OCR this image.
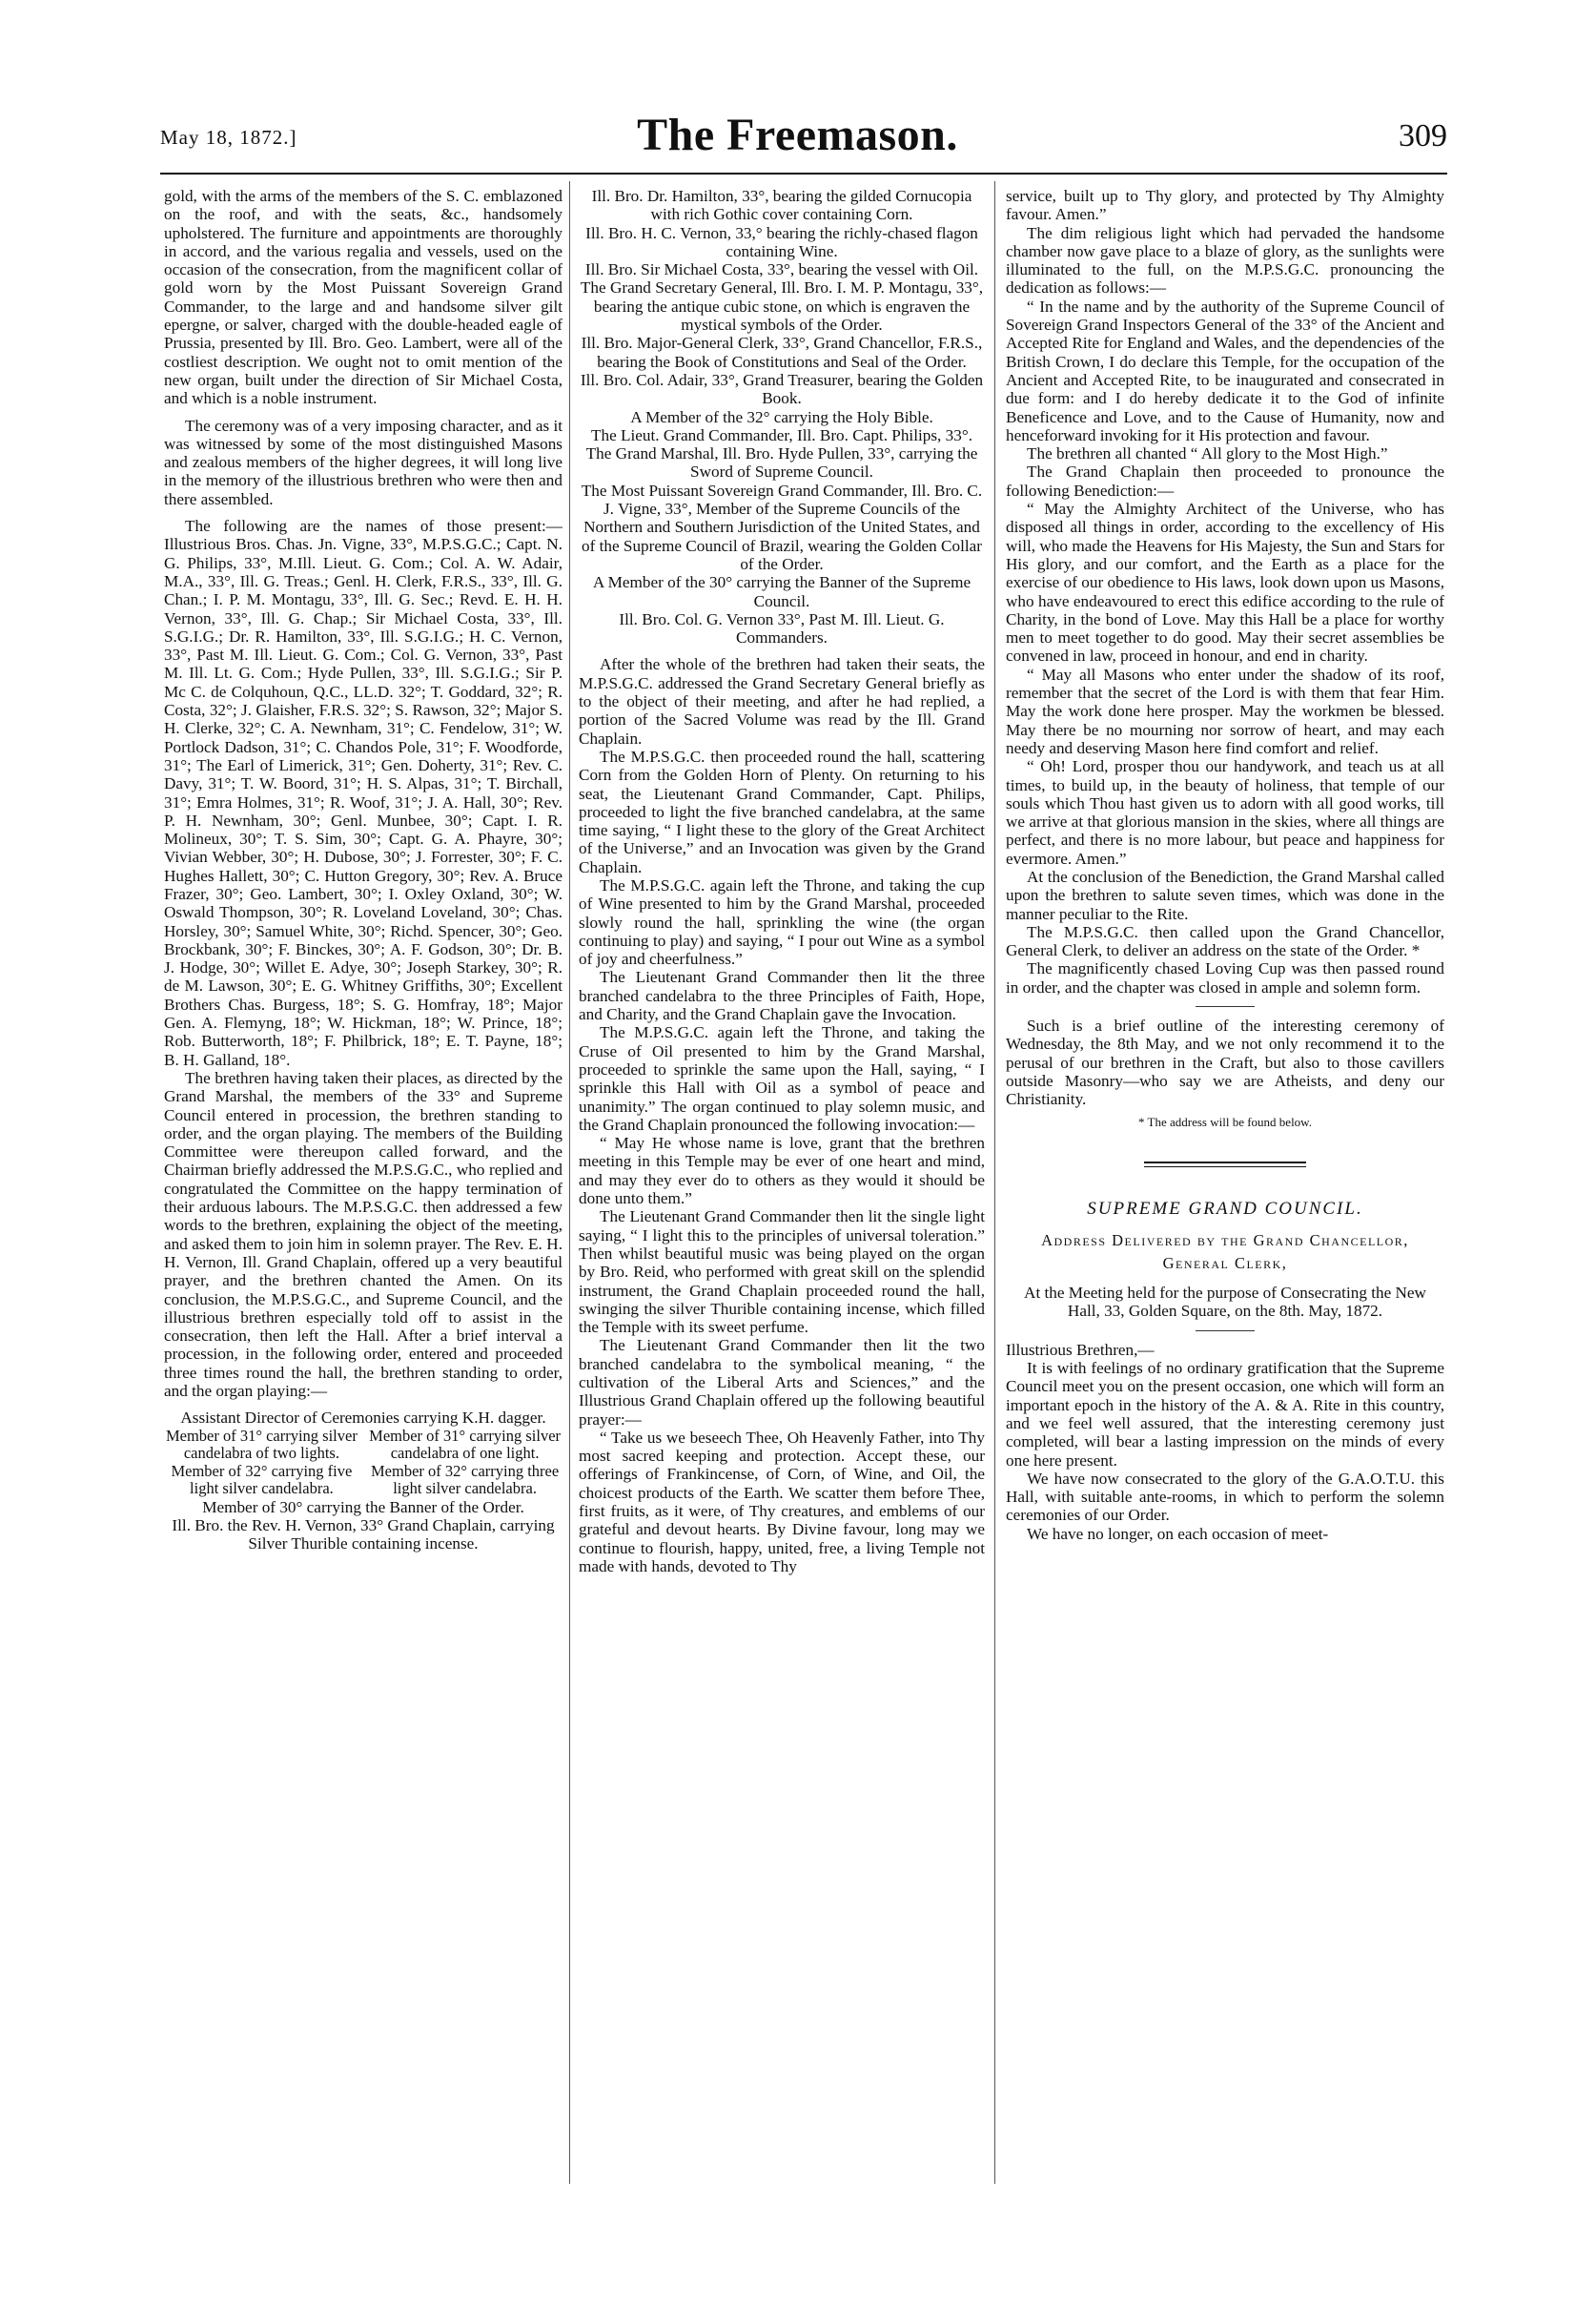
May 18, 1872.]	The Freemason.	309

gold, with the arms of the members of the S. C. emblazoned on the roof, and with the seats, &c., handsomely upholstered. The furniture and appointments are thoroughly in accord, and the various regalia and vessels, used on the occasion of the consecration, from the magnificent collar of gold worn by the Most Puissant Sovereign Grand Commander, to the large and and handsome silver gilt epergne, or salver, charged with the double-headed eagle of Prussia, presented by Ill. Bro. Geo. Lambert, were all of the costliest description. We ought not to omit mention of the new organ, built under the direction of Sir Michael Costa, and which is a noble instrument.

The ceremony was of a very imposing character, and as it was witnessed by some of the most distinguished Masons and zealous members of the higher degrees, it will long live in the memory of the illustrious brethren who were then and there assembled.

The following are the names of those present:— Illustrious Bros. Chas. Jn. Vigne, 33°, M.P.S.G.C.; Capt. N. G. Philips, 33°, M.Ill. Lieut. G. Com.; Col. A. W. Adair, M.A., 33°, Ill. G. Treas.; Genl. H. Clerk, F.R.S., 33°, Ill. G. Chan.; I. P. M. Montagu, 33°, Ill. G. Sec.; Revd. E. H. H. Vernon, 33°, Ill. G. Chap.; Sir Michael Costa, 33°, Ill. S.G.I.G.; Dr. R. Hamilton, 33°, Ill. S.G.I.G.; H. C. Vernon, 33°, Past M. Ill. Lieut. G. Com.; Col. G. Vernon, 33°, Past M. Ill. Lt. G. Com.; Hyde Pullen, 33°, Ill. S.G.I.G.; Sir P. Mc C. de Colquhoun, Q.C., LL.D. 32°; T. Goddard, 32°; R. Costa, 32°; J. Glaisher, F.R.S. 32°; S. Rawson, 32°; Major S. H. Clerke, 32°; C. A. Newnham, 31°; C. Fendelow, 31°; W. Portlock Dadson, 31°; C. Chandos Pole, 31°; F. Woodforde, 31°; The Earl of Limerick, 31°; Gen. Doherty, 31°; Rev. C. Davy, 31°; T. W. Boord, 31°; H. S. Alpas, 31°; T. Birchall, 31°; Emra Holmes, 31°; R. Woof, 31°; J. A. Hall, 30°; Rev. P. H. Newnham, 30°; Genl. Munbee, 30°; Capt. I. R. Molineux, 30°; T. S. Sim, 30°; Capt. G. A. Phayre, 30°; Vivian Webber, 30°; H. Dubose, 30°; J. Forrester, 30°; F. C. Hughes Hallett, 30°; C. Hutton Gregory, 30°; Rev. A. Bruce Frazer, 30°; Geo. Lambert, 30°; I. Oxley Oxland, 30°; W. Oswald Thompson, 30°; R. Loveland Loveland, 30°; Chas. Horsley, 30°; Samuel White, 30°; Richd. Spencer, 30°; Geo. Brockbank, 30°; F. Binckes, 30°; A. F. Godson, 30°; Dr. B. J. Hodge, 30°; Willet E. Adye, 30°; Joseph Starkey, 30°; R. de M. Lawson, 30°; E. G. Whitney Griffiths, 30°; Excellent Brothers Chas. Burgess, 18°; S. G. Homfray, 18°; Major Gen. A. Flemyng, 18°; W. Hickman, 18°; W. Prince, 18°; Rob. Butterworth, 18°; F. Philbrick, 18°; E. T. Payne, 18°; B. H. Galland, 18°.

The brethren having taken their places, as directed by the Grand Marshal, the members of the 33° and Supreme Council entered in procession, the brethren standing to order, and the organ playing. The members of the Building Committee were thereupon called forward, and the Chairman briefly addressed the M.P.S.G.C., who replied and congratulated the Committee on the happy termination of their arduous labours. The M.P.S.G.C. then addressed a few words to the brethren, explaining the object of the meeting, and asked them to join him in solemn prayer. The Rev. E. H. H. Vernon, Ill. Grand Chaplain, offered up a very beautiful prayer, and the brethren chanted the Amen. On its conclusion, the M.P.S.G.C., and Supreme Council, and the illustrious brethren especially told off to assist in the consecration, then left the Hall. After a brief interval a procession, in the following order, entered and proceeded three times round the hall, the brethren standing to order, and the organ playing:—

Assistant Director of Ceremonies carrying K.H. dagger.

Member of 31° carrying silver candelabra of two lights.
Member of 31° carrying silver candelabra of one light.
Member of 32° carrying five light silver candelabra.
Member of 32° carrying three light silver candelabra.

Member of 30° carrying the Banner of the Order.

Ill. Bro. the Rev. H. Vernon, 33° Grand Chaplain, carrying Silver Thurible containing incense.

Ill. Bro. Dr. Hamilton, 33°, bearing the gilded Cornucopia with rich Gothic cover containing Corn.

Ill. Bro. H. C. Vernon, 33,° bearing the richly-chased flagon containing Wine.

Ill. Bro. Sir Michael Costa, 33°, bearing the vessel with Oil.

The Grand Secretary General, Ill. Bro. I. M. P. Montagu, 33°, bearing the antique cubic stone, on which is engraven the mystical symbols of the Order.

Ill. Bro. Major-General Clerk, 33°, Grand Chancellor, F.R.S., bearing the Book of Constitutions and Seal of the Order.

Ill. Bro. Col. Adair, 33°, Grand Treasurer, bearing the Golden Book.

A Member of the 32° carrying the Holy Bible.

The Lieut. Grand Commander, Ill. Bro. Capt. Philips, 33°.

The Grand Marshal, Ill. Bro. Hyde Pullen, 33°, carrying the Sword of Supreme Council.

The Most Puissant Sovereign Grand Commander, Ill. Bro. C. J. Vigne, 33°, Member of the Supreme Councils of the Northern and Southern Jurisdiction of the United States, and of the Supreme Council of Brazil, wearing the Golden Collar of the Order.

A Member of the 30° carrying the Banner of the Supreme Council.

Ill. Bro. Col. G. Vernon 33°, Past M. Ill. Lieut. G. Commanders.

After the whole of the brethren had taken their seats, the M.P.S.G.C. addressed the Grand Secretary General briefly as to the object of their meeting, and after he had replied, a portion of the Sacred Volume was read by the Ill. Grand Chaplain.

The M.P.S.G.C. then proceeded round the hall, scattering Corn from the Golden Horn of Plenty. On returning to his seat, the Lieutenant Grand Commander, Capt. Philips, proceeded to light the five branched candelabra, at the same time saying, “ I light these to the glory of the Great Architect of the Universe,” and an Invocation was given by the Grand Chaplain.

The M.P.S.G.C. again left the Throne, and taking the cup of Wine presented to him by the Grand Marshal, proceeded slowly round the hall, sprinkling the wine (the organ continuing to play) and saying, “ I pour out Wine as a symbol of joy and cheerfulness.”

The Lieutenant Grand Commander then lit the three branched candelabra to the three Principles of Faith, Hope, and Charity, and the Grand Chaplain gave the Invocation.

The M.P.S.G.C. again left the Throne, and taking the Cruse of Oil presented to him by the Grand Marshal, proceeded to sprinkle the same upon the Hall, saying, “ I sprinkle this Hall with Oil as a symbol of peace and unanimity.” The organ continued to play solemn music, and the Grand Chaplain pronounced the following invocation:—

“ May He whose name is love, grant that the brethren meeting in this Temple may be ever of one heart and mind, and may they ever do to others as they would it should be done unto them.”

The Lieutenant Grand Commander then lit the single light saying, “ I light this to the principles of universal toleration.” Then whilst beautiful music was being played on the organ by Bro. Reid, who performed with great skill on the splendid instrument, the Grand Chaplain proceeded round the hall, swinging the silver Thurible containing incense, which filled the Temple with its sweet perfume.

The Lieutenant Grand Commander then lit the two branched candelabra to the symbolical meaning, “ the cultivation of the Liberal Arts and Sciences,” and the Illustrious Grand Chaplain offered up the following beautiful prayer:—

“ Take us we beseech Thee, Oh Heavenly Father, into Thy most sacred keeping and protection. Accept these, our offerings of Frankincense, of Corn, of Wine, and Oil, the choicest products of the Earth. We scatter them before Thee, first fruits, as it were, of Thy creatures, and emblems of our grateful and devout hearts. By Divine favour, long may we continue to flourish, happy, united, free, a living Temple not made with hands, devoted to Thy

service, built up to Thy glory, and protected by Thy Almighty favour. Amen.”

The dim religious light which had pervaded the handsome chamber now gave place to a blaze of glory, as the sunlights were illuminated to the full, on the M.P.S.G.C. pronouncing the dedication as follows:—

“ In the name and by the authority of the Supreme Council of Sovereign Grand Inspectors General of the 33° of the Ancient and Accepted Rite for England and Wales, and the dependencies of the British Crown, I do declare this Temple, for the occupation of the Ancient and Accepted Rite, to be inaugurated and consecrated in due form: and I do hereby dedicate it to the God of infinite Beneficence and Love, and to the Cause of Humanity, now and henceforward invoking for it His protection and favour.

The brethren all chanted “ All glory to the Most High.”

The Grand Chaplain then proceeded to pronounce the following Benediction:—

“ May the Almighty Architect of the Universe, who has disposed all things in order, according to the excellency of His will, who made the Heavens for His Majesty, the Sun and Stars for His glory, and our comfort, and the Earth as a place for the exercise of our obedience to His laws, look down upon us Masons, who have endeavoured to erect this edifice according to the rule of Charity, in the bond of Love. May this Hall be a place for worthy men to meet together to do good. May their secret assemblies be convened in law, proceed in honour, and end in charity.

“ May all Masons who enter under the shadow of its roof, remember that the secret of the Lord is with them that fear Him. May the work done here prosper. May the workmen be blessed. May there be no mourning nor sorrow of heart, and may each needy and deserving Mason here find comfort and relief.

“ Oh! Lord, prosper thou our handywork, and teach us at all times, to build up, in the beauty of holiness, that temple of our souls which Thou hast given us to adorn with all good works, till we arrive at that glorious mansion in the skies, where all things are perfect, and there is no more labour, but peace and happiness for evermore. Amen.”

At the conclusion of the Benediction, the Grand Marshal called upon the brethren to salute seven times, which was done in the manner peculiar to the Rite.

The M.P.S.G.C. then called upon the Grand Chancellor, General Clerk, to deliver an address on the state of the Order. *

The magnificently chased Loving Cup was then passed round in order, and the chapter was closed in ample and solemn form.

Such is a brief outline of the interesting ceremony of Wednesday, the 8th May, and we not only recommend it to the perusal of our brethren in the Craft, but also to those cavillers outside Masonry—who say we are Atheists, and deny our Christianity.

* The address will be found below.
SUPREME GRAND COUNCIL.
Address Delivered by the Grand Chancellor, General Clerk,

At the Meeting held for the purpose of Consecrating the New Hall, 33, Golden Square, on the 8th. May, 1872.

Illustrious Brethren,—

It is with feelings of no ordinary gratification that the Supreme Council meet you on the present occasion, one which will form an important epoch in the history of the A. & A. Rite in this country, and we feel well assured, that the interesting ceremony just completed, will bear a lasting impression on the minds of every one here present.

We have now consecrated to the glory of the G.A.O.T.U. this Hall, with suitable ante-rooms, in which to perform the solemn ceremonies of our Order.

We have no longer, on each occasion of meet-
